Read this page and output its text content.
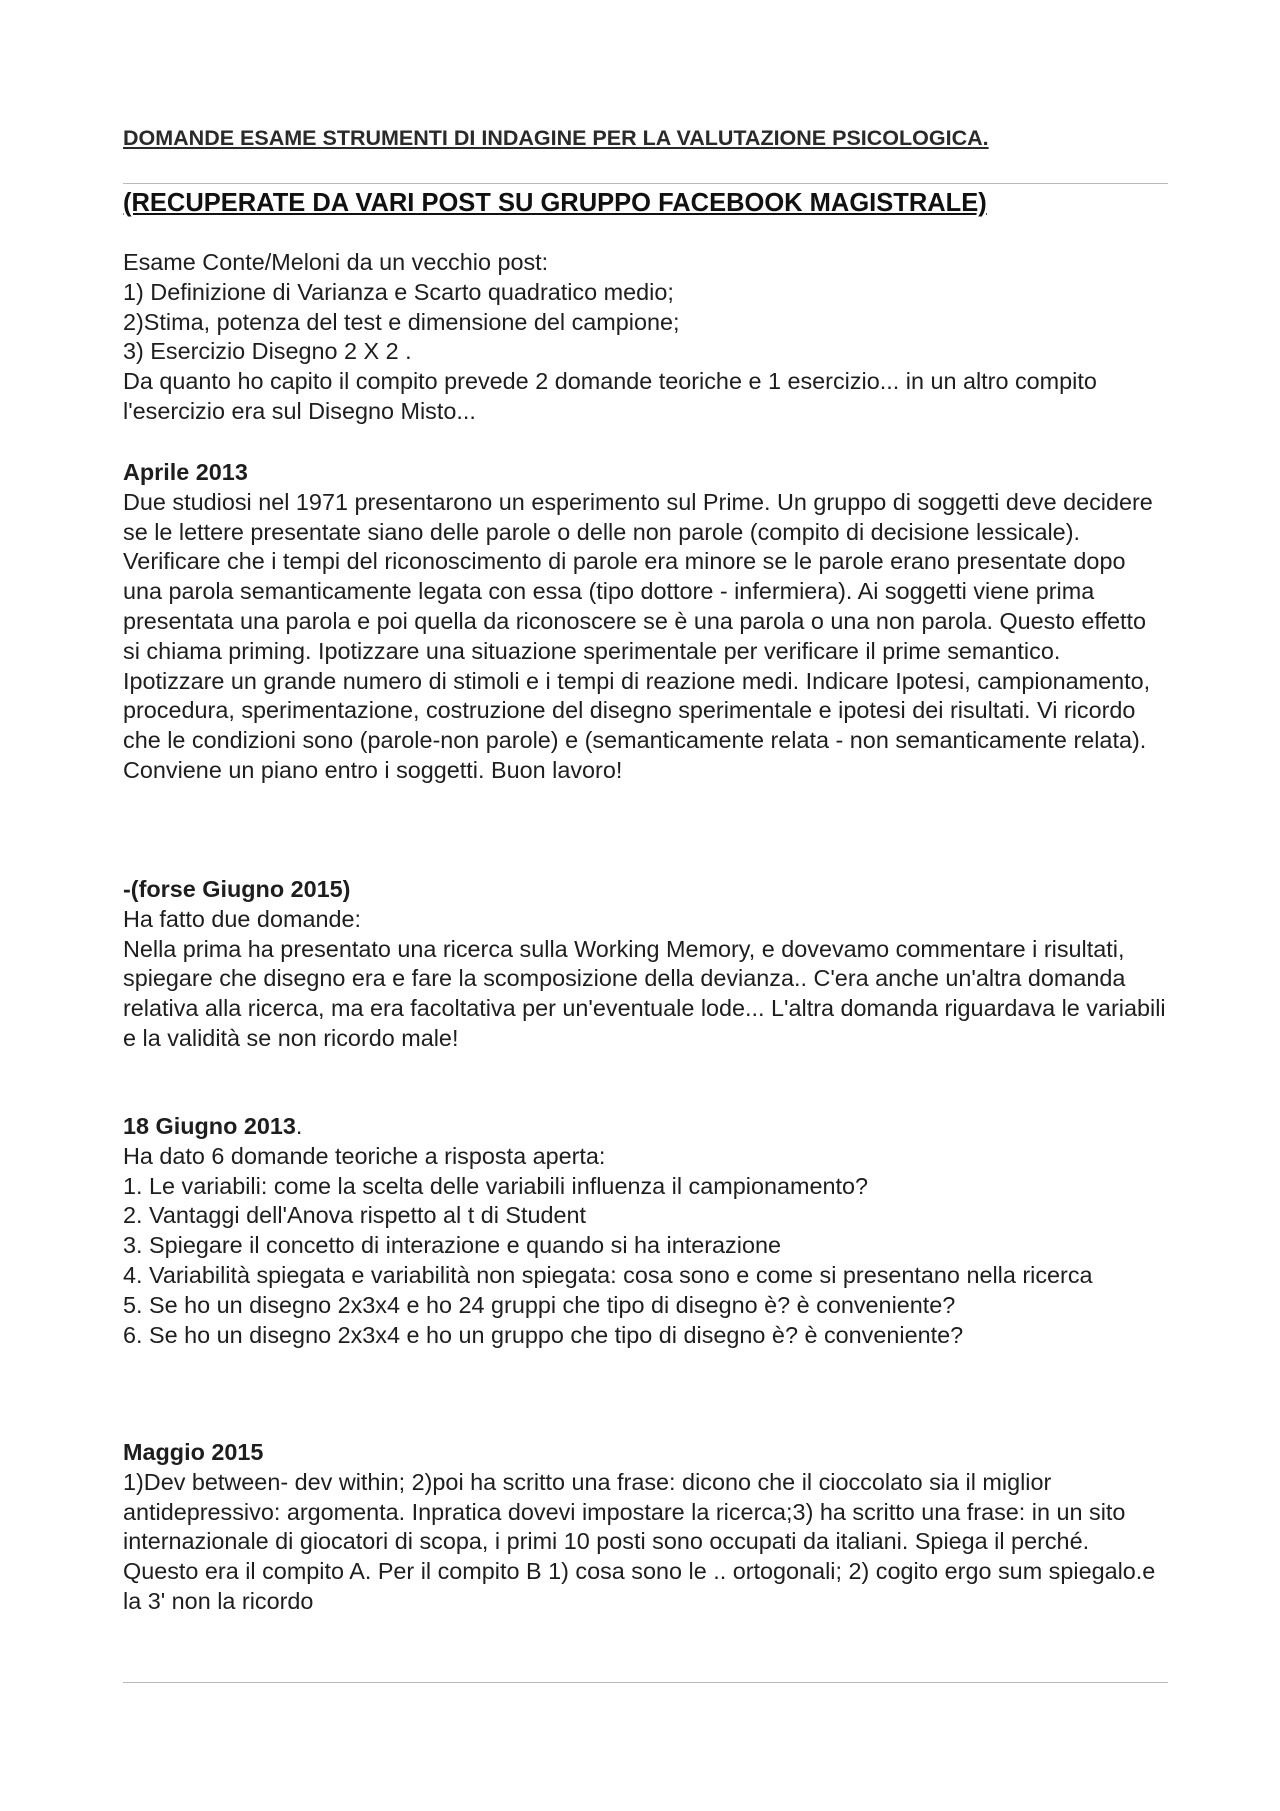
DOMANDE ESAME STRUMENTI DI INDAGINE PER LA VALUTAZIONE PSICOLOGICA.
(RECUPERATE DA VARI POST SU GRUPPO FACEBOOK MAGISTRALE)

Esame Conte/Meloni da un vecchio post:

1) Definizione di Varianza e Scarto quadratico medio;

2)Stima, potenza del test e dimensione del campione;

3) Esercizio Disegno 2 X 2 .

Da quanto ho capito il compito prevede 2 domande teoriche e 1 esercizio... in un altro compito l'esercizio era sul Disegno Misto...

Aprile 2013

Due studiosi nel 1971 presentarono un esperimento sul Prime. Un gruppo di soggetti deve decidere se le lettere presentate siano delle parole o delle non parole (compito di decisione lessicale). Verificare che i tempi del riconoscimento di parole era minore se le parole erano presentate dopo una parola semanticamente legata con essa (tipo dottore - infermiera). Ai soggetti viene prima presentata una parola e poi quella da riconoscere se è una parola o una non parola. Questo effetto si chiama priming. Ipotizzare una situazione sperimentale per verificare il prime semantico. Ipotizzare un grande numero di stimoli e i tempi di reazione medi. Indicare Ipotesi, campionamento, procedura, sperimentazione, costruzione del disegno sperimentale e ipotesi dei risultati. Vi ricordo che le condizioni sono (parole-non parole) e (semanticamente relata - non semanticamente relata). Conviene un piano entro i soggetti. Buon lavoro!

-(forse Giugno 2015)

Ha fatto due domande:

Nella prima ha presentato una ricerca sulla Working Memory, e dovevamo commentare i risultati, spiegare che disegno era e fare la scomposizione della devianza.. C'era anche un'altra domanda relativa alla ricerca, ma era facoltativa per un'eventuale lode... L'altra domanda riguardava le variabili e la validità se non ricordo male!

18 Giugno 2013.

Ha dato 6 domande teoriche a risposta aperta:

1. Le variabili: come la scelta delle variabili influenza il campionamento?

2. Vantaggi dell'Anova rispetto al t di Student

3. Spiegare il concetto di interazione e quando si ha interazione

4. Variabilità spiegata e variabilità non spiegata: cosa sono e come si presentano nella ricerca

5. Se ho un disegno 2x3x4 e ho 24 gruppi che tipo di disegno è? è conveniente?

6. Se ho un disegno 2x3x4 e ho un gruppo che tipo di disegno è? è conveniente?

Maggio 2015

1)Dev between- dev within; 2)poi ha scritto una frase: dicono che il cioccolato sia il miglior antidepressivo: argomenta. Inpratica dovevi impostare la ricerca;3) ha scritto una frase: in un sito internazionale di giocatori di scopa, i primi 10 posti sono occupati da italiani. Spiega il perché. Questo era il compito A. Per il compito B 1) cosa sono le .. ortogonali; 2) cogito ergo sum spiegalo.e la 3' non la ricordo
